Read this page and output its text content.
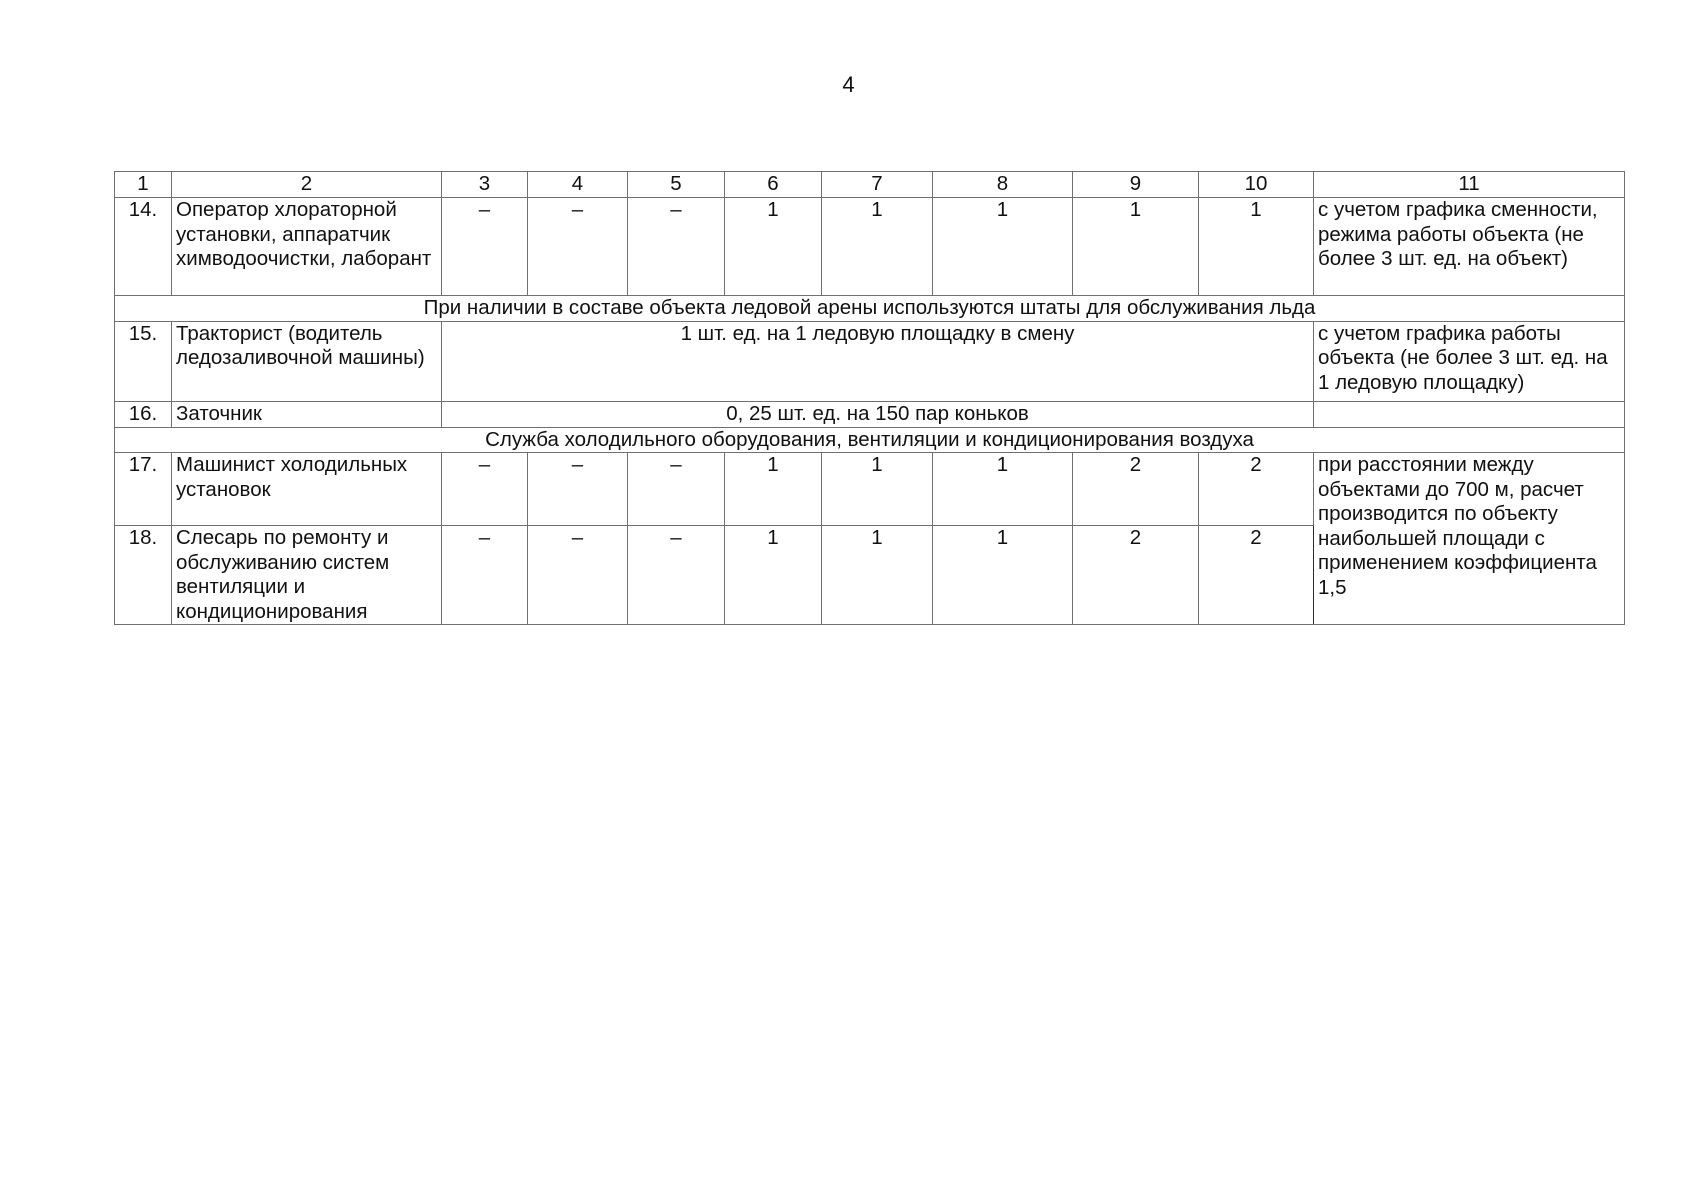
4
1	2	3	4	5	6	7	8	9	10	11
14.	Оператор хлораторной установки, аппаратчик химводоочистки, лаборант	–	–	–	1	1	1	1	1	с учетом графика сменности, режима работы объекта (не более 3 шт. ед. на объект)
При наличии в составе объекта ледовой арены используются штаты для обслуживания льда										
15.	Тракторист (водитель ледозаливочной машины)	1 шт. ед. на 1 ледовую площадку в смену								с учетом графика работы объекта (не более 3 шт. ед. на 1 ледовую площадку)
16.	Заточник	0, 25 шт. ед. на 150 пар коньков								
Служба холодильного оборудования, вентиляции и кондиционирования воздуха										
17.	Машинист холодильных установок	–	–	–	1	1	1	2	2	при расстоянии между объектами до 700 м, расчет производится по объекту наибольшей площади с применением коэффициента 1,5
18.	Слесарь по ремонту и обслуживанию систем вентиляции и кондиционирования	–	–	–	1	1	1	2	2	
